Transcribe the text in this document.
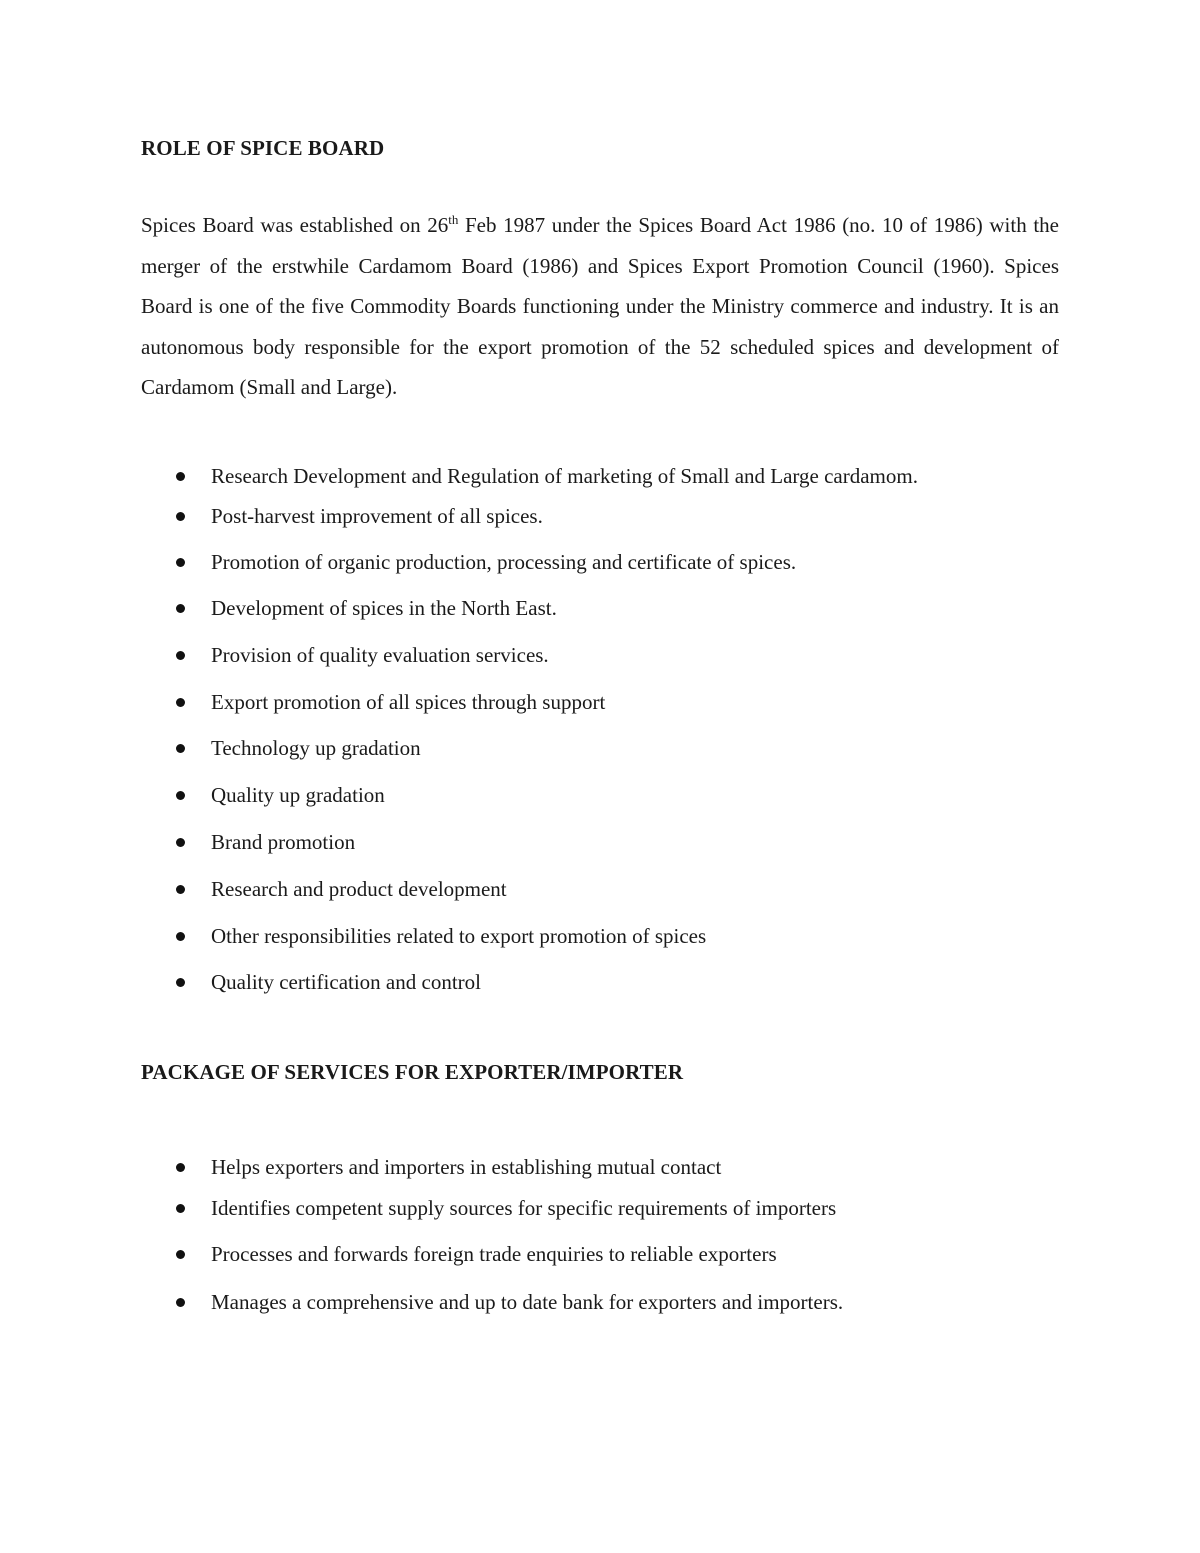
ROLE OF SPICE BOARD

Spices Board was established on 26th Feb 1987 under the Spices Board Act 1986 (no. 10 of 1986) with the merger of the erstwhile Cardamom Board (1986) and Spices Export Promotion Council (1960). Spices Board is one of the five Commodity Boards functioning under the Ministry commerce and industry. It is an autonomous body responsible for the export promotion of the 52 scheduled spices and development of Cardamom (Small and Large).

Research Development and Regulation of marketing of Small and Large cardamom.
Post-harvest improvement of all spices.
Promotion of organic production, processing and certificate of spices.
Development of spices in the North East.
Provision of quality evaluation services.
Export promotion of all spices through support
Technology up gradation
Quality up gradation
Brand promotion
Research and product development
Other responsibilities related to export promotion of spices
Quality certification and control
PACKAGE OF SERVICES FOR EXPORTER/IMPORTER
Helps exporters and importers in establishing mutual contact
Identifies competent supply sources for specific requirements of importers
Processes and forwards foreign trade enquiries to reliable exporters
Manages a comprehensive and up to date bank for exporters and importers.
